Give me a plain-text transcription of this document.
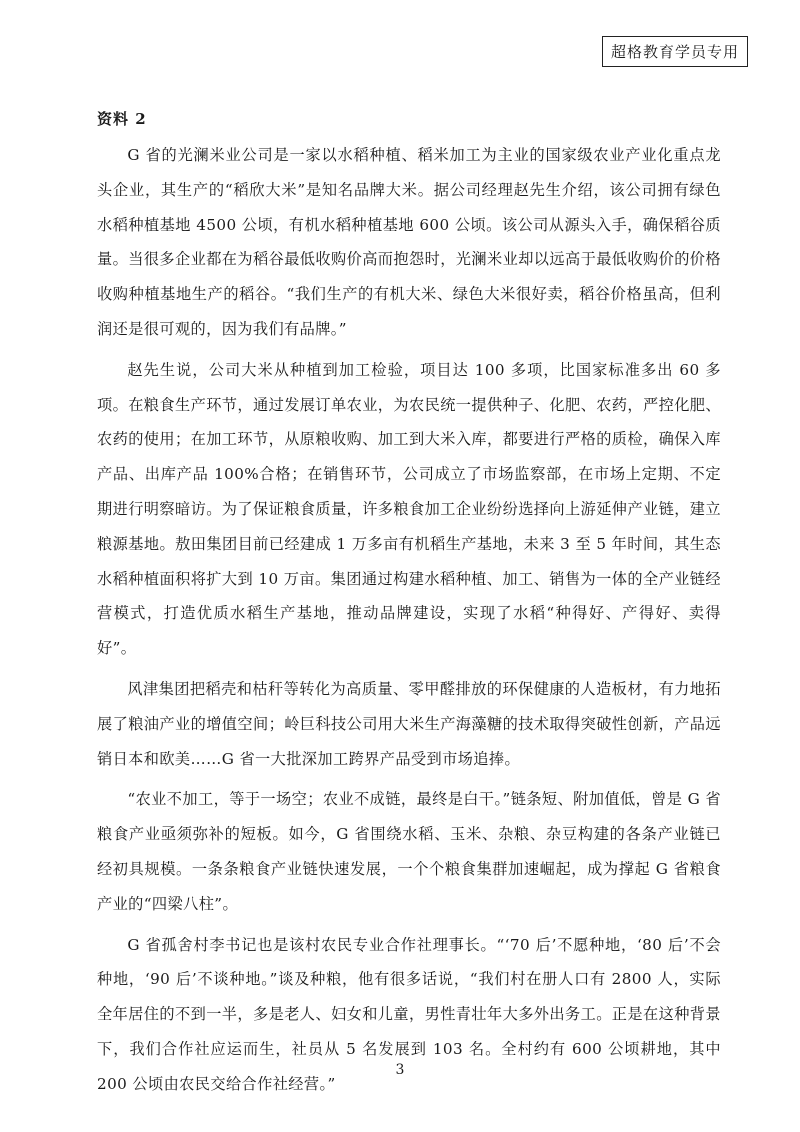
超格教育学员专用
资料 2

G 省的光澜米业公司是一家以水稻种植、稻米加工为主业的国家级农业产业化重点龙头企业，其生产的“稻欣大米”是知名品牌大米。据公司经理赵先生介绍，该公司拥有绿色水稻种植基地 4500 公顷，有机水稻种植基地 600 公顷。该公司从源头入手，确保稻谷质量。当很多企业都在为稻谷最低收购价高而抱怨时，光澜米业却以远高于最低收购价的价格收购种植基地生产的稻谷。“我们生产的有机大米、绿色大米很好卖，稻谷价格虽高，但利润还是很可观的，因为我们有品牌。”

赵先生说，公司大米从种植到加工检验，项目达 100 多项，比国家标准多出 60 多项。在粮食生产环节，通过发展订单农业，为农民统一提供种子、化肥、农药，严控化肥、农药的使用；在加工环节，从原粮收购、加工到大米入库，都要进行严格的质检，确保入库产品、出库产品 100%合格；在销售环节，公司成立了市场监察部，在市场上定期、不定期进行明察暗访。为了保证粮食质量，许多粮食加工企业纷纷选择向上游延伸产业链，建立粮源基地。敖田集团目前已经建成 1 万多亩有机稻生产基地，未来 3 至 5 年时间，其生态水稻种植面积将扩大到 10 万亩。集团通过构建水稻种植、加工、销售为一体的全产业链经营模式，打造优质水稻生产基地，推动品牌建设，实现了水稻“种得好、产得好、卖得好”。

风津集团把稻壳和枯秆等转化为高质量、零甲醛排放的环保健康的人造板材，有力地拓展了粮油产业的增值空间；岭巨科技公司用大米生产海藻糖的技术取得突破性创新，产品远销日本和欧美……G 省一大批深加工跨界产品受到市场追捧。

“农业不加工，等于一场空；农业不成链，最终是白干。”链条短、附加值低，曾是 G 省粮食产业亟须弥补的短板。如今，G 省围绕水稻、玉米、杂粮、杂豆构建的各条产业链已经初具规模。一条条粮食产业链快速发展，一个个粮食集群加速崛起，成为撑起 G 省粮食产业的“四梁八柱”。

G 省孤舍村李书记也是该村农民专业合作社理事长。“‘70 后’不愿种地，‘80 后’不会种地，‘90 后’不谈种地。”谈及种粮，他有很多话说，“我们村在册人口有 2800 人，实际全年居住的不到一半，多是老人、妇女和儿童，男性青壮年大多外出务工。正是在这种背景下，我们合作社应运而生，社员从 5 名发展到 103 名。全村约有 600 公顷耕地，其中 200 公顷由农民交给合作社经营。”

3
